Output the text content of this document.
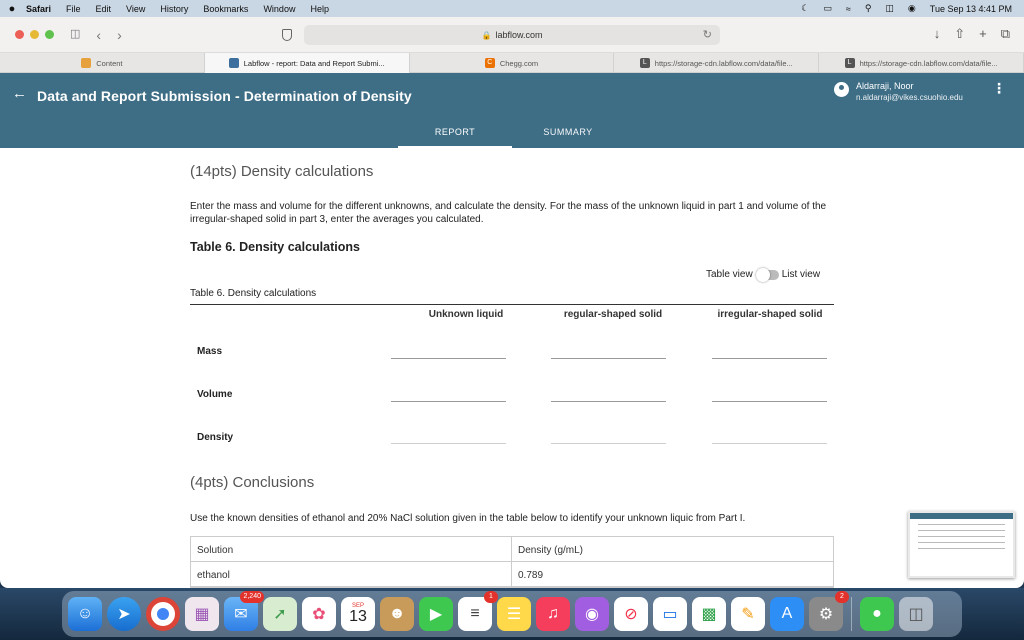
●	Safari File Edit View History Bookmarks Window Help	☾ ▭ ≈ ⚲ ◫ ◉ Tue Sep 13 4:41 PM
◫ ‹ ›	🔒 labflow.com	↻	↓ ⇧ + ⧉
Content	Labflow - report: Data and Report Submi...	C Chegg.com	L	https://storage-cdn.labflow.com/data/file...	L	https://storage-cdn.labflow.com/data/file...
← Data and Report Submission - Determination of Density
Aldarraji, Noor
n.aldarraji@vikes.csuohio.edu
⋮
REPORT	SUMMARY
(14pts) Density calculations
Enter the mass and volume for the different unknowns, and calculate the density. For the mass of the unknown liquid in part 1 and volume of the irregular-shaped solid in part 3, enter the averages you calculated.
Table 6. Density calculations
Table view	List view
Table 6. Density calculations
Unknown liquid	regular-shaped solid	irregular-shaped solid
Mass
Volume
Density
(4pts) Conclusions
Use the known densities of ethanol and 20% NaCl solution given in the table below to identify your unknown liquic from Part I.
Solution	Density (g/mL)
ethanol	0.789
☺	➤	▦	✉
2,240
➚	✿	SEP
13	☻	▶	≡
1
☰	♫	◉	⊘	▭	▩	✎	A	⚙
2
●	◫
